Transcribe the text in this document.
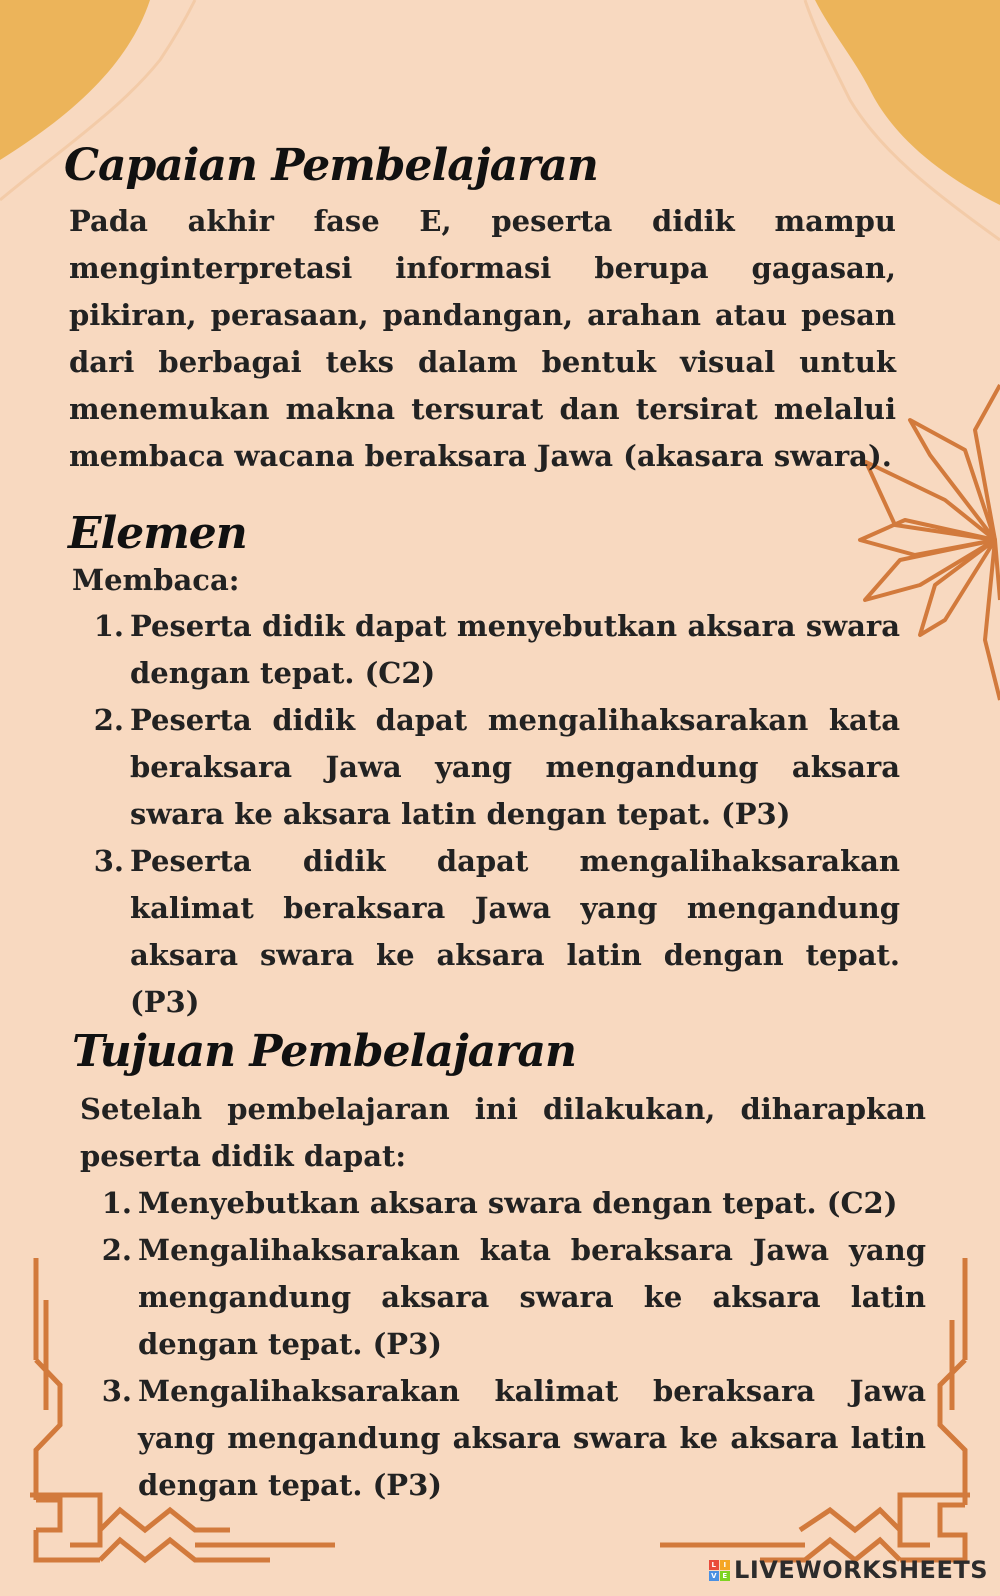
Capaian Pembelajaran

Pada akhir fase E, peserta didik mampu menginterpretasi informasi berupa gagasan, pikiran, perasaan, pandangan, arahan atau pesan dari berbagai teks dalam bentuk visual untuk menemukan makna tersurat dan tersirat melalui membaca wacana beraksara Jawa (akasara swara).

Elemen

Membaca:

1. Peserta didik dapat menyebutkan aksara swara dengan tepat. (C2)
2. Peserta didik dapat mengalihaksarakan kata beraksara Jawa yang mengandung aksara swara ke aksara latin dengan tepat. (P3)
3. Peserta didik dapat mengalihaksarakan kalimat beraksara Jawa yang mengandung aksara swara ke aksara latin dengan tepat. (P3)
Tujuan Pembelajaran

Setelah pembelajaran ini dilakukan, diharapkan peserta didik dapat:

1. Menyebutkan aksara swara dengan tepat. (C2)
2. Mengalihaksarakan kata beraksara Jawa yang mengandung aksara swara ke aksara latin dengan tepat. (P3)
3. Mengalihaksarakan kalimat beraksara Jawa yang mengandung aksara swara ke aksara latin dengan tepat. (P3)
L I
V E LIVEWORKSHEETS
